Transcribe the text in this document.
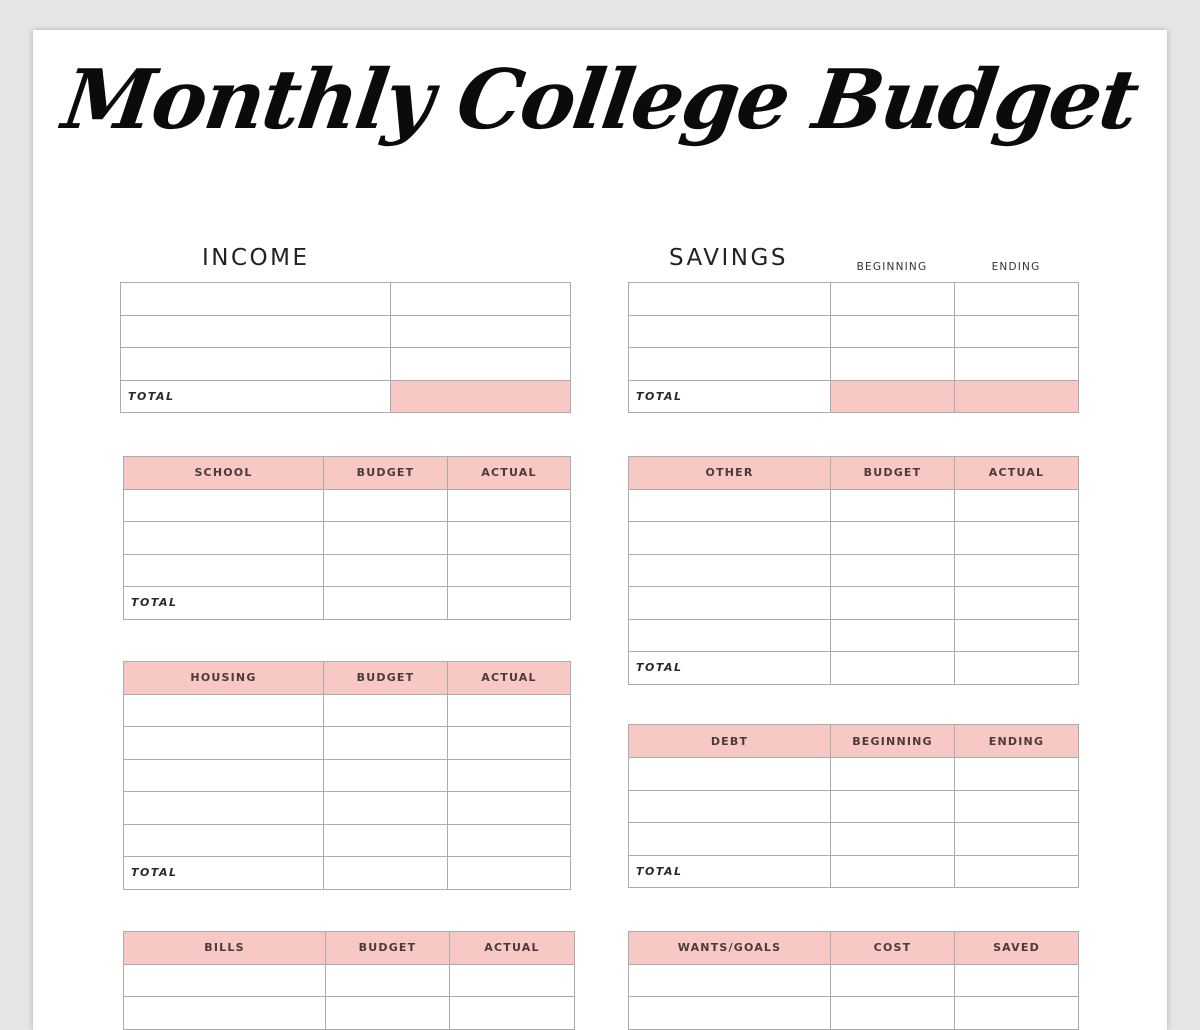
Monthly College Budget
INCOME

TOTAL	
SAVINGS	BEGINNING	ENDING

TOTAL		
SCHOOL	BUDGET	ACTUAL

TOTAL		
HOUSING	BUDGET	ACTUAL

TOTAL		
BILLS	BUDGET	ACTUAL

OTHER	BUDGET	ACTUAL

TOTAL		
DEBT	BEGINNING	ENDING

TOTAL		
WANTS/GOALS	COST	SAVED
